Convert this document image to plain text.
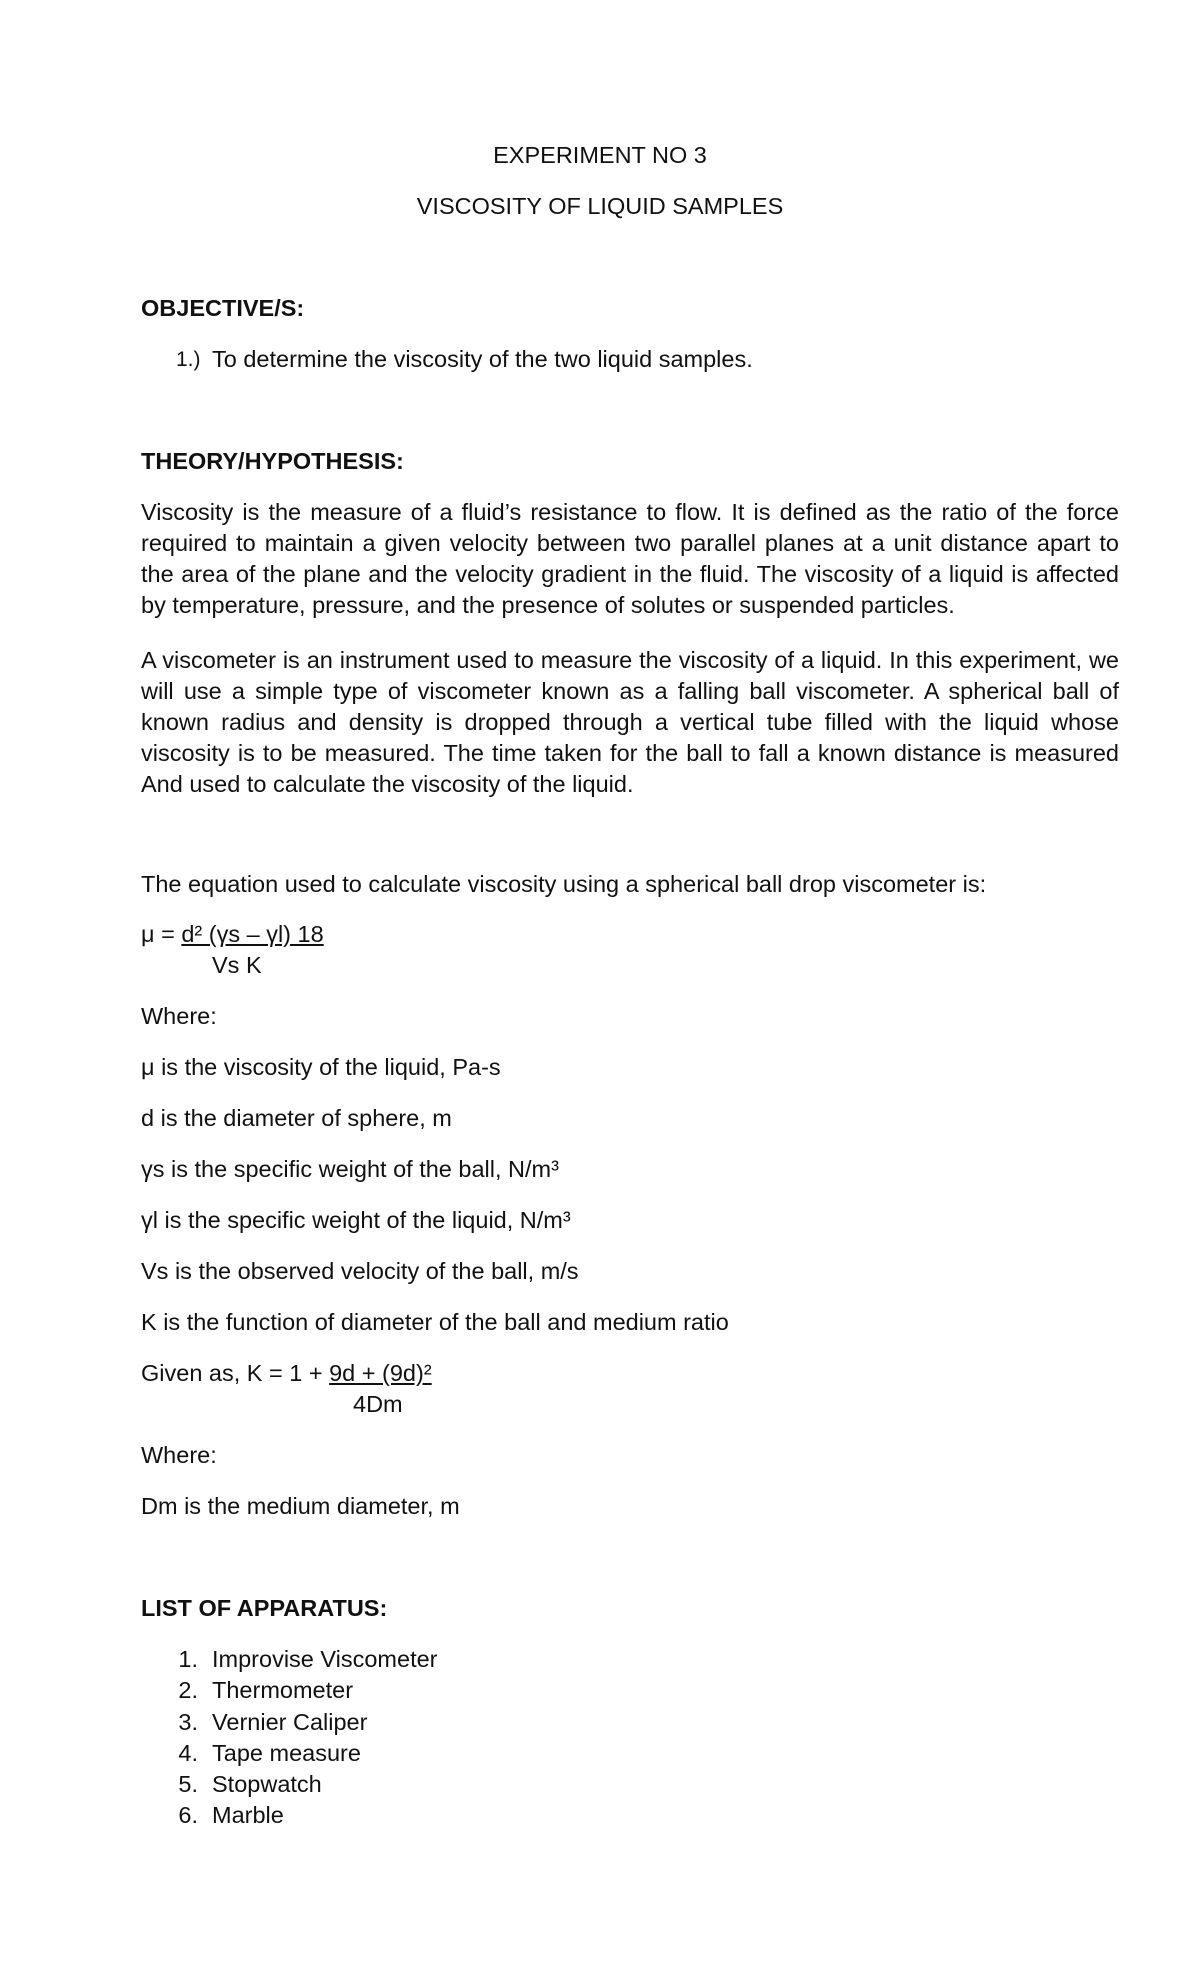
EXPERIMENT NO 3
VISCOSITY OF LIQUID SAMPLES
OBJECTIVE/S:
1.) To determine the viscosity of the two liquid samples.
THEORY/HYPOTHESIS:

Viscosity is the measure of a fluid’s resistance to flow. It is defined as the ratio of the force required to maintain a given velocity between two parallel planes at a unit distance apart to the area of the plane and the velocity gradient in the fluid. The viscosity of a liquid is affected by temperature, pressure, and the presence of solutes or suspended particles.

A viscometer is an instrument used to measure the viscosity of a liquid. In this experiment, we will use a simple type of viscometer known as a falling ball viscometer. A spherical ball of known radius and density is dropped through a vertical tube filled with the liquid whose viscosity is to be measured. The time taken for the ball to fall a known distance is measured And used to calculate the viscosity of the liquid.

The equation used to calculate viscosity using a spherical ball drop viscometer is:
μ = d² (γs – γl) 18
Vs K
Where:
μ is the viscosity of the liquid, Pa-s
d is the diameter of sphere, m
γs is the specific weight of the ball, N/m³
γl is the specific weight of the liquid, N/m³
Vs is the observed velocity of the ball, m/s
K is the function of diameter of the ball and medium ratio
Given as, K = 1 + 9d + (9d)²
4Dm
Where:
Dm is the medium diameter, m
LIST OF APPARATUS:
1. Improvise Viscometer
2. Thermometer
3. Vernier Caliper
4. Tape measure
5. Stopwatch
6. Marble
